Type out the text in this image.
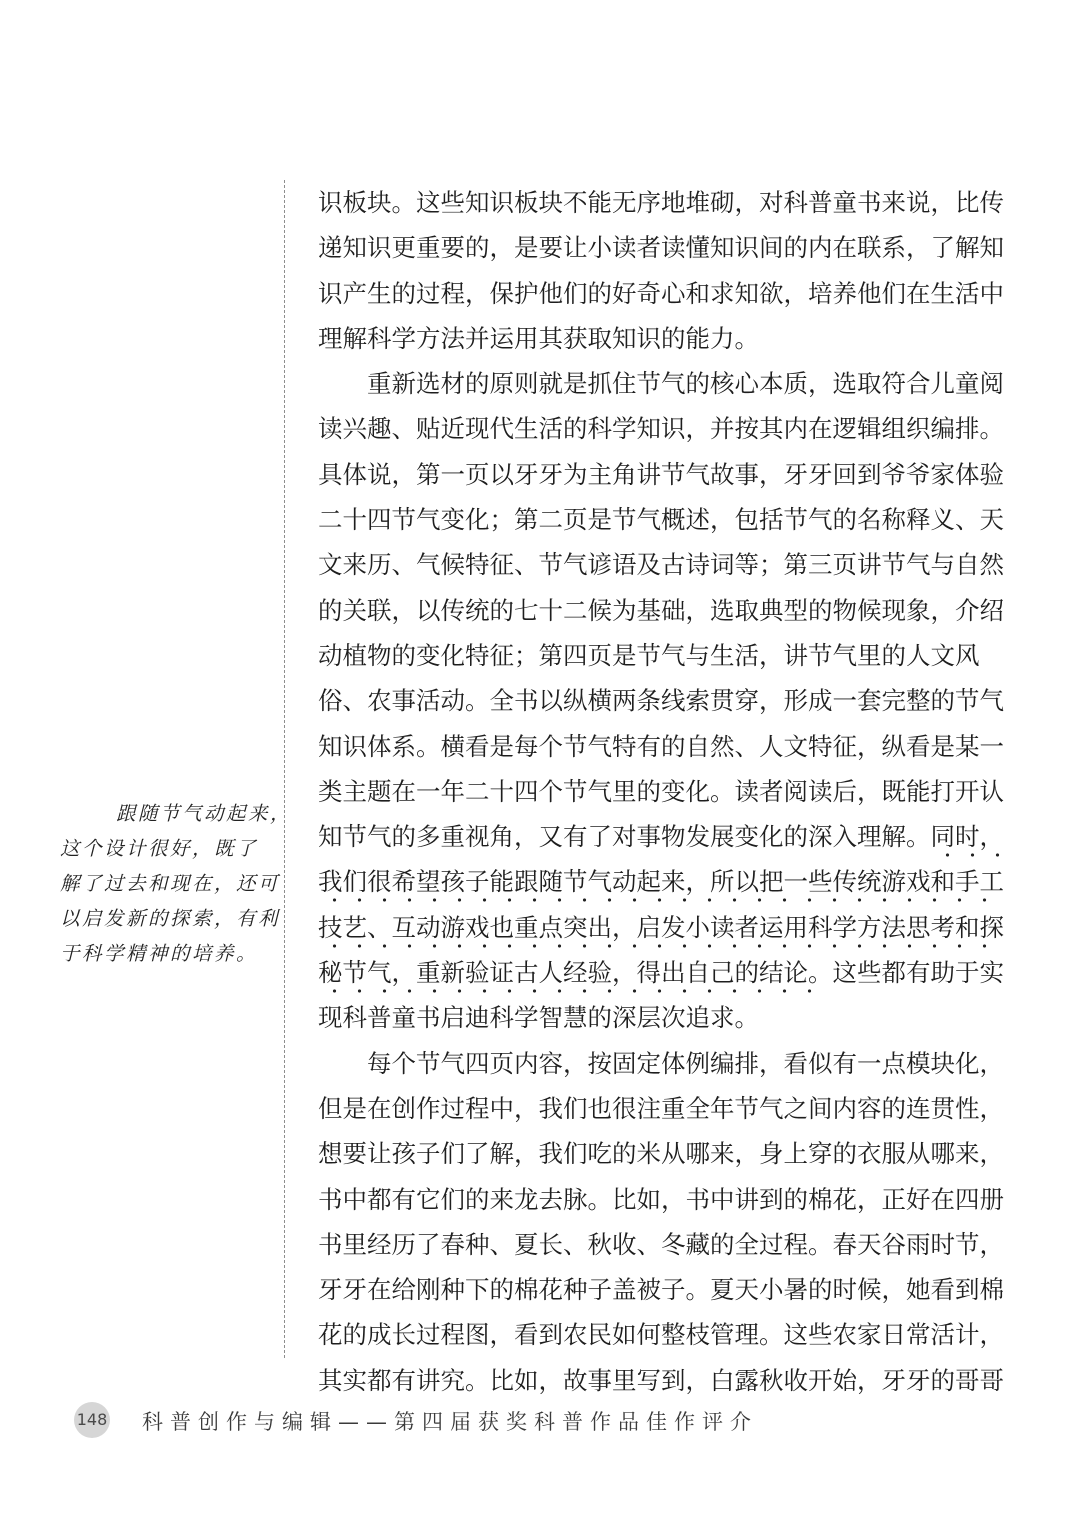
跟随节气动起来，
这个设计很好，既了
解了过去和现在，还可
以启发新的探索，有利
于科学精神的培养。
识板块。这些知识板块不能无序地堆砌，对科普童书来说，比传
递知识更重要的，是要让小读者读懂知识间的内在联系，了解知
识产生的过程，保护他们的好奇心和求知欲，培养他们在生活中
理解科学方法并运用其获取知识的能力。
重新选材的原则就是抓住节气的核心本质，选取符合儿童阅
读兴趣、贴近现代生活的科学知识，并按其内在逻辑组织编排。
具体说，第一页以牙牙为主角讲节气故事，牙牙回到爷爷家体验
二十四节气变化；第二页是节气概述，包括节气的名称释义、天
文来历、气候特征、节气谚语及古诗词等；第三页讲节气与自然
的关联，以传统的七十二候为基础，选取典型的物候现象，介绍
动植物的变化特征；第四页是节气与生活，讲节气里的人文风
俗、农事活动。全书以纵横两条线索贯穿，形成一套完整的节气
知识体系。横看是每个节气特有的自然、人文特征，纵看是某一
类主题在一年二十四个节气里的变化。读者阅读后，既能打开认
知节气的多重视角，又有了对事物发展变化的深入理解。同时，
我们很希望孩子能跟随节气动起来，所以把一些传统游戏和手工
技艺、互动游戏也重点突出，启发小读者运用科学方法思考和探
秘节气，重新验证古人经验，得出自己的结论。这些都有助于实
现科普童书启迪科学智慧的深层次追求。
每个节气四页内容，按固定体例编排，看似有一点模块化，
但是在创作过程中，我们也很注重全年节气之间内容的连贯性，
想要让孩子们了解，我们吃的米从哪来，身上穿的衣服从哪来，
书中都有它们的来龙去脉。比如，书中讲到的棉花，正好在四册
书里经历了春种、夏长、秋收、冬藏的全过程。春天谷雨时节，
牙牙在给刚种下的棉花种子盖被子。夏天小暑的时候，她看到棉
花的成长过程图，看到农民如何整枝管理。这些农家日常活计，
其实都有讲究。比如，故事里写到，白露秋收开始，牙牙的哥哥
148 科普创作与编辑——第四届获奖科普作品佳作评介
